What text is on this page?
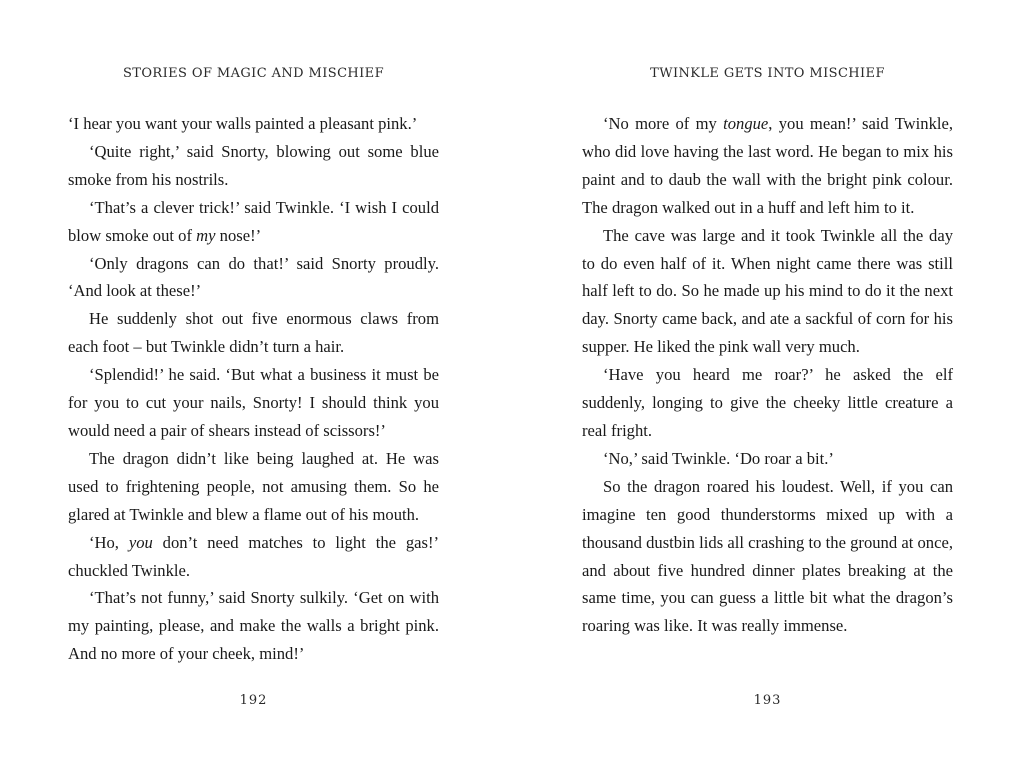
STORIES OF MAGIC AND MISCHIEF

‘I hear you want your walls painted a pleasant pink.’

‘Quite right,’ said Snorty, blowing out some blue smoke from his nostrils.

‘That’s a clever trick!’ said Twinkle. ‘I wish I could blow smoke out of my nose!’

‘Only dragons can do that!’ said Snorty proudly. ‘And look at these!’

He suddenly shot out five enormous claws from each foot – but Twinkle didn’t turn a hair.

‘Splendid!’ he said. ‘But what a business it must be for you to cut your nails, Snorty! I should think you would need a pair of shears instead of scissors!’

The dragon didn’t like being laughed at. He was used to frightening people, not amusing them. So he glared at Twinkle and blew a flame out of his mouth.

‘Ho, you don’t need matches to light the gas!’ chuckled Twinkle.

‘That’s not funny,’ said Snorty sulkily. ‘Get on with my painting, please, and make the walls a bright pink. And no more of your cheek, mind!’

192
TWINKLE GETS INTO MISCHIEF

‘No more of my tongue, you mean!’ said Twinkle, who did love having the last word. He began to mix his paint and to daub the wall with the bright pink colour. The dragon walked out in a huff and left him to it.

The cave was large and it took Twinkle all the day to do even half of it. When night came there was still half left to do. So he made up his mind to do it the next day. Snorty came back, and ate a sackful of corn for his supper. He liked the pink wall very much.

‘Have you heard me roar?’ he asked the elf suddenly, longing to give the cheeky little creature a real fright.

‘No,’ said Twinkle. ‘Do roar a bit.’

So the dragon roared his loudest. Well, if you can imagine ten good thunderstorms mixed up with a thousand dustbin lids all crashing to the ground at once, and about five hundred dinner plates breaking at the same time, you can guess a little bit what the dragon’s roaring was like. It was really immense.

193
